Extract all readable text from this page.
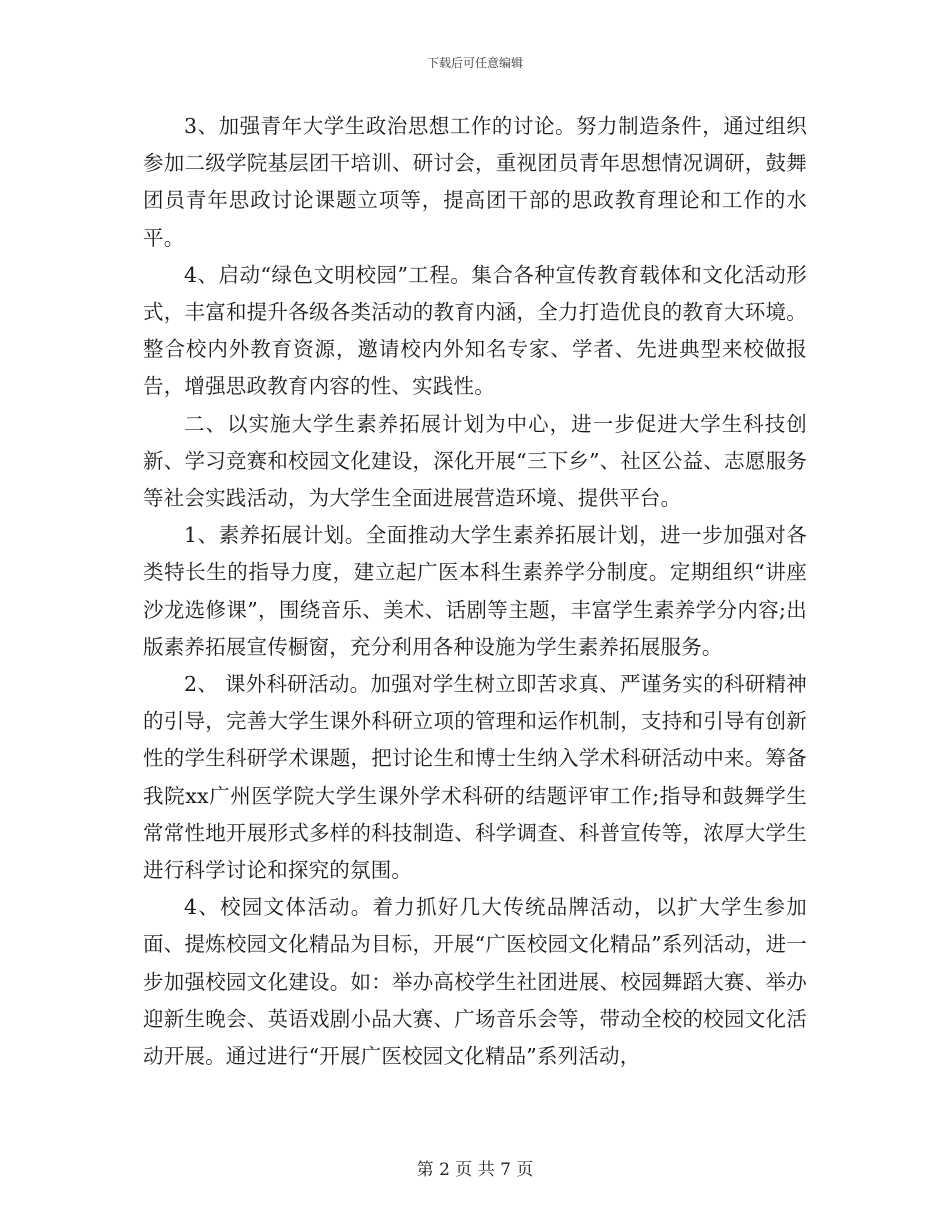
下载后可任意编辑

3、加强青年大学生政治思想工作的讨论。努力制造条件，通过组织参加二级学院基层团干培训、研讨会，重视团员青年思想情况调研，鼓舞团员青年思政讨论课题立项等，提高团干部的思政教育理论和工作的水平。

4、启动“绿色文明校园”工程。集合各种宣传教育载体和文化活动形式，丰富和提升各级各类活动的教育内涵，全力打造优良的教育大环境。整合校内外教育资源，邀请校内外知名专家、学者、先进典型来校做报告，增强思政教育内容的性、实践性。

二、以实施大学生素养拓展计划为中心，进一步促进大学生科技创新、学习竞赛和校园文化建设，深化开展“三下乡”、社区公益、志愿服务等社会实践活动，为大学生全面进展营造环境、提供平台。

1、素养拓展计划。全面推动大学生素养拓展计划，进一步加强对各类特长生的指导力度，建立起广医本科生素养学分制度。定期组织“讲座沙龙选修课”，围绕音乐、美术、话剧等主题，丰富学生素养学分内容;出版素养拓展宣传橱窗，充分利用各种设施为学生素养拓展服务。

2、 课外科研活动。加强对学生树立即苦求真、严谨务实的科研精神的引导，完善大学生课外科研立项的管理和运作机制，支持和引导有创新性的学生科研学术课题，把讨论生和博士生纳入学术科研活动中来。筹备我院xx广州医学院大学生课外学术科研的结题评审工作;指导和鼓舞学生常常性地开展形式多样的科技制造、科学调查、科普宣传等，浓厚大学生进行科学讨论和探究的氛围。

4、校园文体活动。着力抓好几大传统品牌活动，以扩大学生参加面、提炼校园文化精品为目标，开展“广医校园文化精品”系列活动，进一步加强校园文化建设。如：举办高校学生社团进展、校园舞蹈大赛、举办迎新生晚会、英语戏剧小品大赛、广场音乐会等，带动全校的校园文化活动开展。通过进行“开展广医校园文化精品”系列活动，

第 2 页 共 7 页
